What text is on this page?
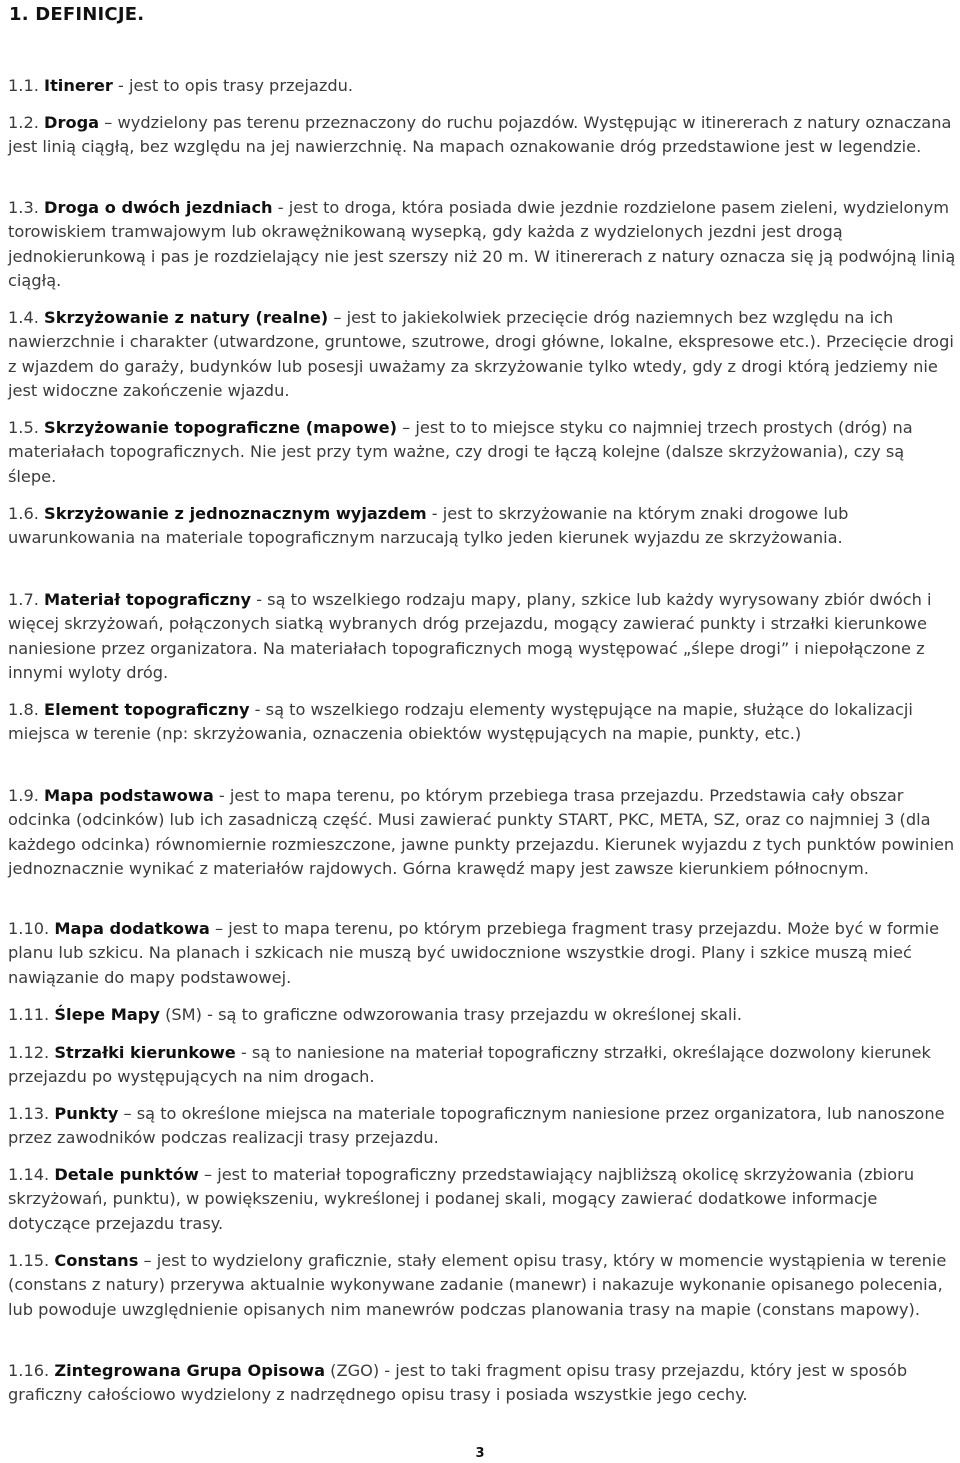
1. DEFINICJE.

1.1. Itinerer - jest to opis trasy przejazdu.

1.2. Droga – wydzielony pas terenu przeznaczony do ruchu pojazdów. Występując w itinererach z natury oznaczana jest linią ciągłą, bez względu na jej nawierzchnię. Na mapach oznakowanie dróg przedstawione jest w legendzie.

1.3. Droga o dwóch jezdniach - jest to droga, która posiada dwie jezdnie rozdzielone pasem zieleni, wydzielonym torowiskiem tramwajowym lub okrawężnikowaną wysepką, gdy każda z wydzielonych jezdni jest drogą jednokierunkową i pas je rozdzielający nie jest szerszy niż 20 m. W itinererach z natury oznacza się ją podwójną linią ciągłą.

1.4. Skrzyżowanie z natury (realne) – jest to jakiekolwiek przecięcie dróg naziemnych bez względu na ich nawierzchnie i charakter (utwardzone, gruntowe, szutrowe, drogi główne, lokalne, ekspresowe etc.). Przecięcie drogi z wjazdem do garaży, budynków lub posesji uważamy za skrzyżowanie tylko wtedy, gdy z drogi którą jedziemy nie jest widoczne zakończenie wjazdu.

1.5. Skrzyżowanie topograficzne (mapowe) – jest to to miejsce styku co najmniej trzech prostych (dróg) na materiałach topograficznych. Nie jest przy tym ważne, czy drogi te łączą kolejne (dalsze skrzyżowania), czy są ślepe.

1.6. Skrzyżowanie z jednoznacznym wyjazdem - jest to skrzyżowanie na którym znaki drogowe lub uwarunkowania na materiale topograficznym narzucają tylko jeden kierunek wyjazdu ze skrzyżowania.

1.7. Materiał topograficzny - są to wszelkiego rodzaju mapy, plany, szkice lub każdy wyrysowany zbiór dwóch i więcej skrzyżowań, połączonych siatką wybranych dróg przejazdu, mogący zawierać punkty i strzałki kierunkowe naniesione przez organizatora. Na materiałach topograficznych mogą występować „ślepe drogi” i niepołączone z innymi wyloty dróg.

1.8. Element topograficzny - są to wszelkiego rodzaju elementy występujące na mapie, służące do lokalizacji miejsca w terenie (np: skrzyżowania, oznaczenia obiektów występujących na mapie, punkty, etc.)

1.9. Mapa podstawowa - jest to mapa terenu, po którym przebiega trasa przejazdu. Przedstawia cały obszar odcinka (odcinków) lub ich zasadniczą część. Musi zawierać punkty START, PKC, META, SZ, oraz co najmniej 3 (dla każdego odcinka) równomiernie rozmieszczone, jawne punkty przejazdu. Kierunek wyjazdu z tych punktów powinien jednoznacznie wynikać z materiałów rajdowych. Górna krawędź mapy jest zawsze kierunkiem północnym.

1.10. Mapa dodatkowa – jest to mapa terenu, po którym przebiega fragment trasy przejazdu. Może być w formie planu lub szkicu. Na planach i szkicach nie muszą być uwidocznione wszystkie drogi. Plany i szkice muszą mieć nawiązanie do mapy podstawowej.

1.11. Ślepe Mapy (SM) - są to graficzne odwzorowania trasy przejazdu w określonej skali.

1.12. Strzałki kierunkowe - są to naniesione na materiał topograficzny strzałki, określające dozwolony kierunek przejazdu po występujących na nim drogach.

1.13. Punkty – są to określone miejsca na materiale topograficznym naniesione przez organizatora, lub nanoszone przez zawodników podczas realizacji trasy przejazdu.

1.14. Detale punktów – jest to materiał topograficzny przedstawiający najbliższą okolicę skrzyżowania (zbioru skrzyżowań, punktu), w powiększeniu, wykreślonej i podanej skali, mogący zawierać dodatkowe informacje dotyczące przejazdu trasy.

1.15. Constans – jest to wydzielony graficznie, stały element opisu trasy, który w momencie wystąpienia w terenie (constans z natury) przerywa aktualnie wykonywane zadanie (manewr) i nakazuje wykonanie opisanego polecenia, lub powoduje uwzględnienie opisanych nim manewrów podczas planowania trasy na mapie (constans mapowy).

1.16. Zintegrowana Grupa Opisowa (ZGO) - jest to taki fragment opisu trasy przejazdu, który jest w sposób graficzny całościowo wydzielony z nadrzędnego opisu trasy i posiada wszystkie jego cechy.

3
